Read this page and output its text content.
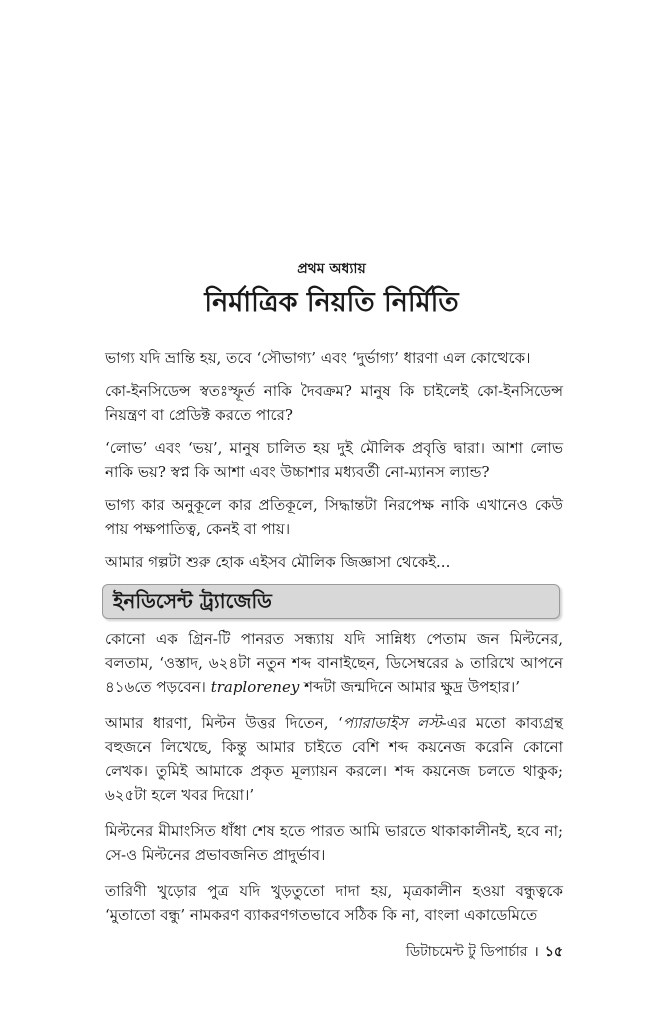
প্রথম অধ্যায়
নির্মাত্রিক নিয়তি নির্মিতি

ভাগ্য যদি ভ্রান্তি হয়, তবে ‘সৌভাগ্য’ এবং ‘দুর্ভাগ্য’ ধারণা এল কোত্থেকে।

কো-ইনসিডেন্স স্বতঃস্ফূর্ত নাকি দৈবক্রম? মানুষ কি চাইলেই কো-ইনসিডেন্স নিয়ন্ত্রণ বা প্রেডিক্ট করতে পারে?

‘লোভ’ এবং ‘ভয়’, মানুষ চালিত হয় দুই মৌলিক প্রবৃত্তি দ্বারা। আশা লোভ নাকি ভয়? স্বপ্ন কি আশা এবং উচ্চাশার মধ্যবর্তী নো-ম্যানস ল্যান্ড?

ভাগ্য কার অনুকূলে কার প্রতিকূলে, সিদ্ধান্তটা নিরপেক্ষ নাকি এখানেও কেউ পায় পক্ষপাতিত্ব, কেনই বা পায়।

আমার গল্পটা শুরু হোক এইসব মৌলিক জিজ্ঞাসা থেকেই...

ইনডিসেন্ট ট্র্যাজেডি

কোনো এক গ্রিন-টি পানরত সন্ধ্যায় যদি সান্নিধ্য পেতাম জন মিল্টনের, বলতাম, ‘ওস্তাদ, ৬২৪টা নতুন শব্দ বানাইছেন, ডিসেম্বরের ৯ তারিখে আপনে ৪১৬তে পড়বেন। traploreney শব্দটা জন্মদিনে আমার ক্ষুদ্র উপহার।’

আমার ধারণা, মিল্টন উত্তর দিতেন, ‘প্যারাডাইস লস্ট-এর মতো কাব্যগ্রন্থ বহুজনে লিখেছে, কিন্তু আমার চাইতে বেশি শব্দ কয়নেজ করেনি কোনো লেখক। তুমিই আমাকে প্রকৃত মূল্যায়ন করলে। শব্দ কয়নেজ চলতে থাকুক; ৬২৫টা হলে খবর দিয়ো।’

মিল্টনের মীমাংসিত ধাঁধা শেষ হতে পারত আমি ভারতে থাকাকালীনই, হবে না; সে-ও মিল্টনের প্রভাবজনিত প্রাদুর্ভাব।

তারিণী খুড়োর পুত্র যদি খুড়তুতো দাদা হয়, মৃত্রকালীন হওয়া বন্ধুত্বকে ‘মুতাতো বন্ধু’ নামকরণ ব্যাকরণগতভাবে সঠিক কি না, বাংলা একাডেমিতে

ডিটাচমেন্ট টু ডিপার্চার । ১৫
